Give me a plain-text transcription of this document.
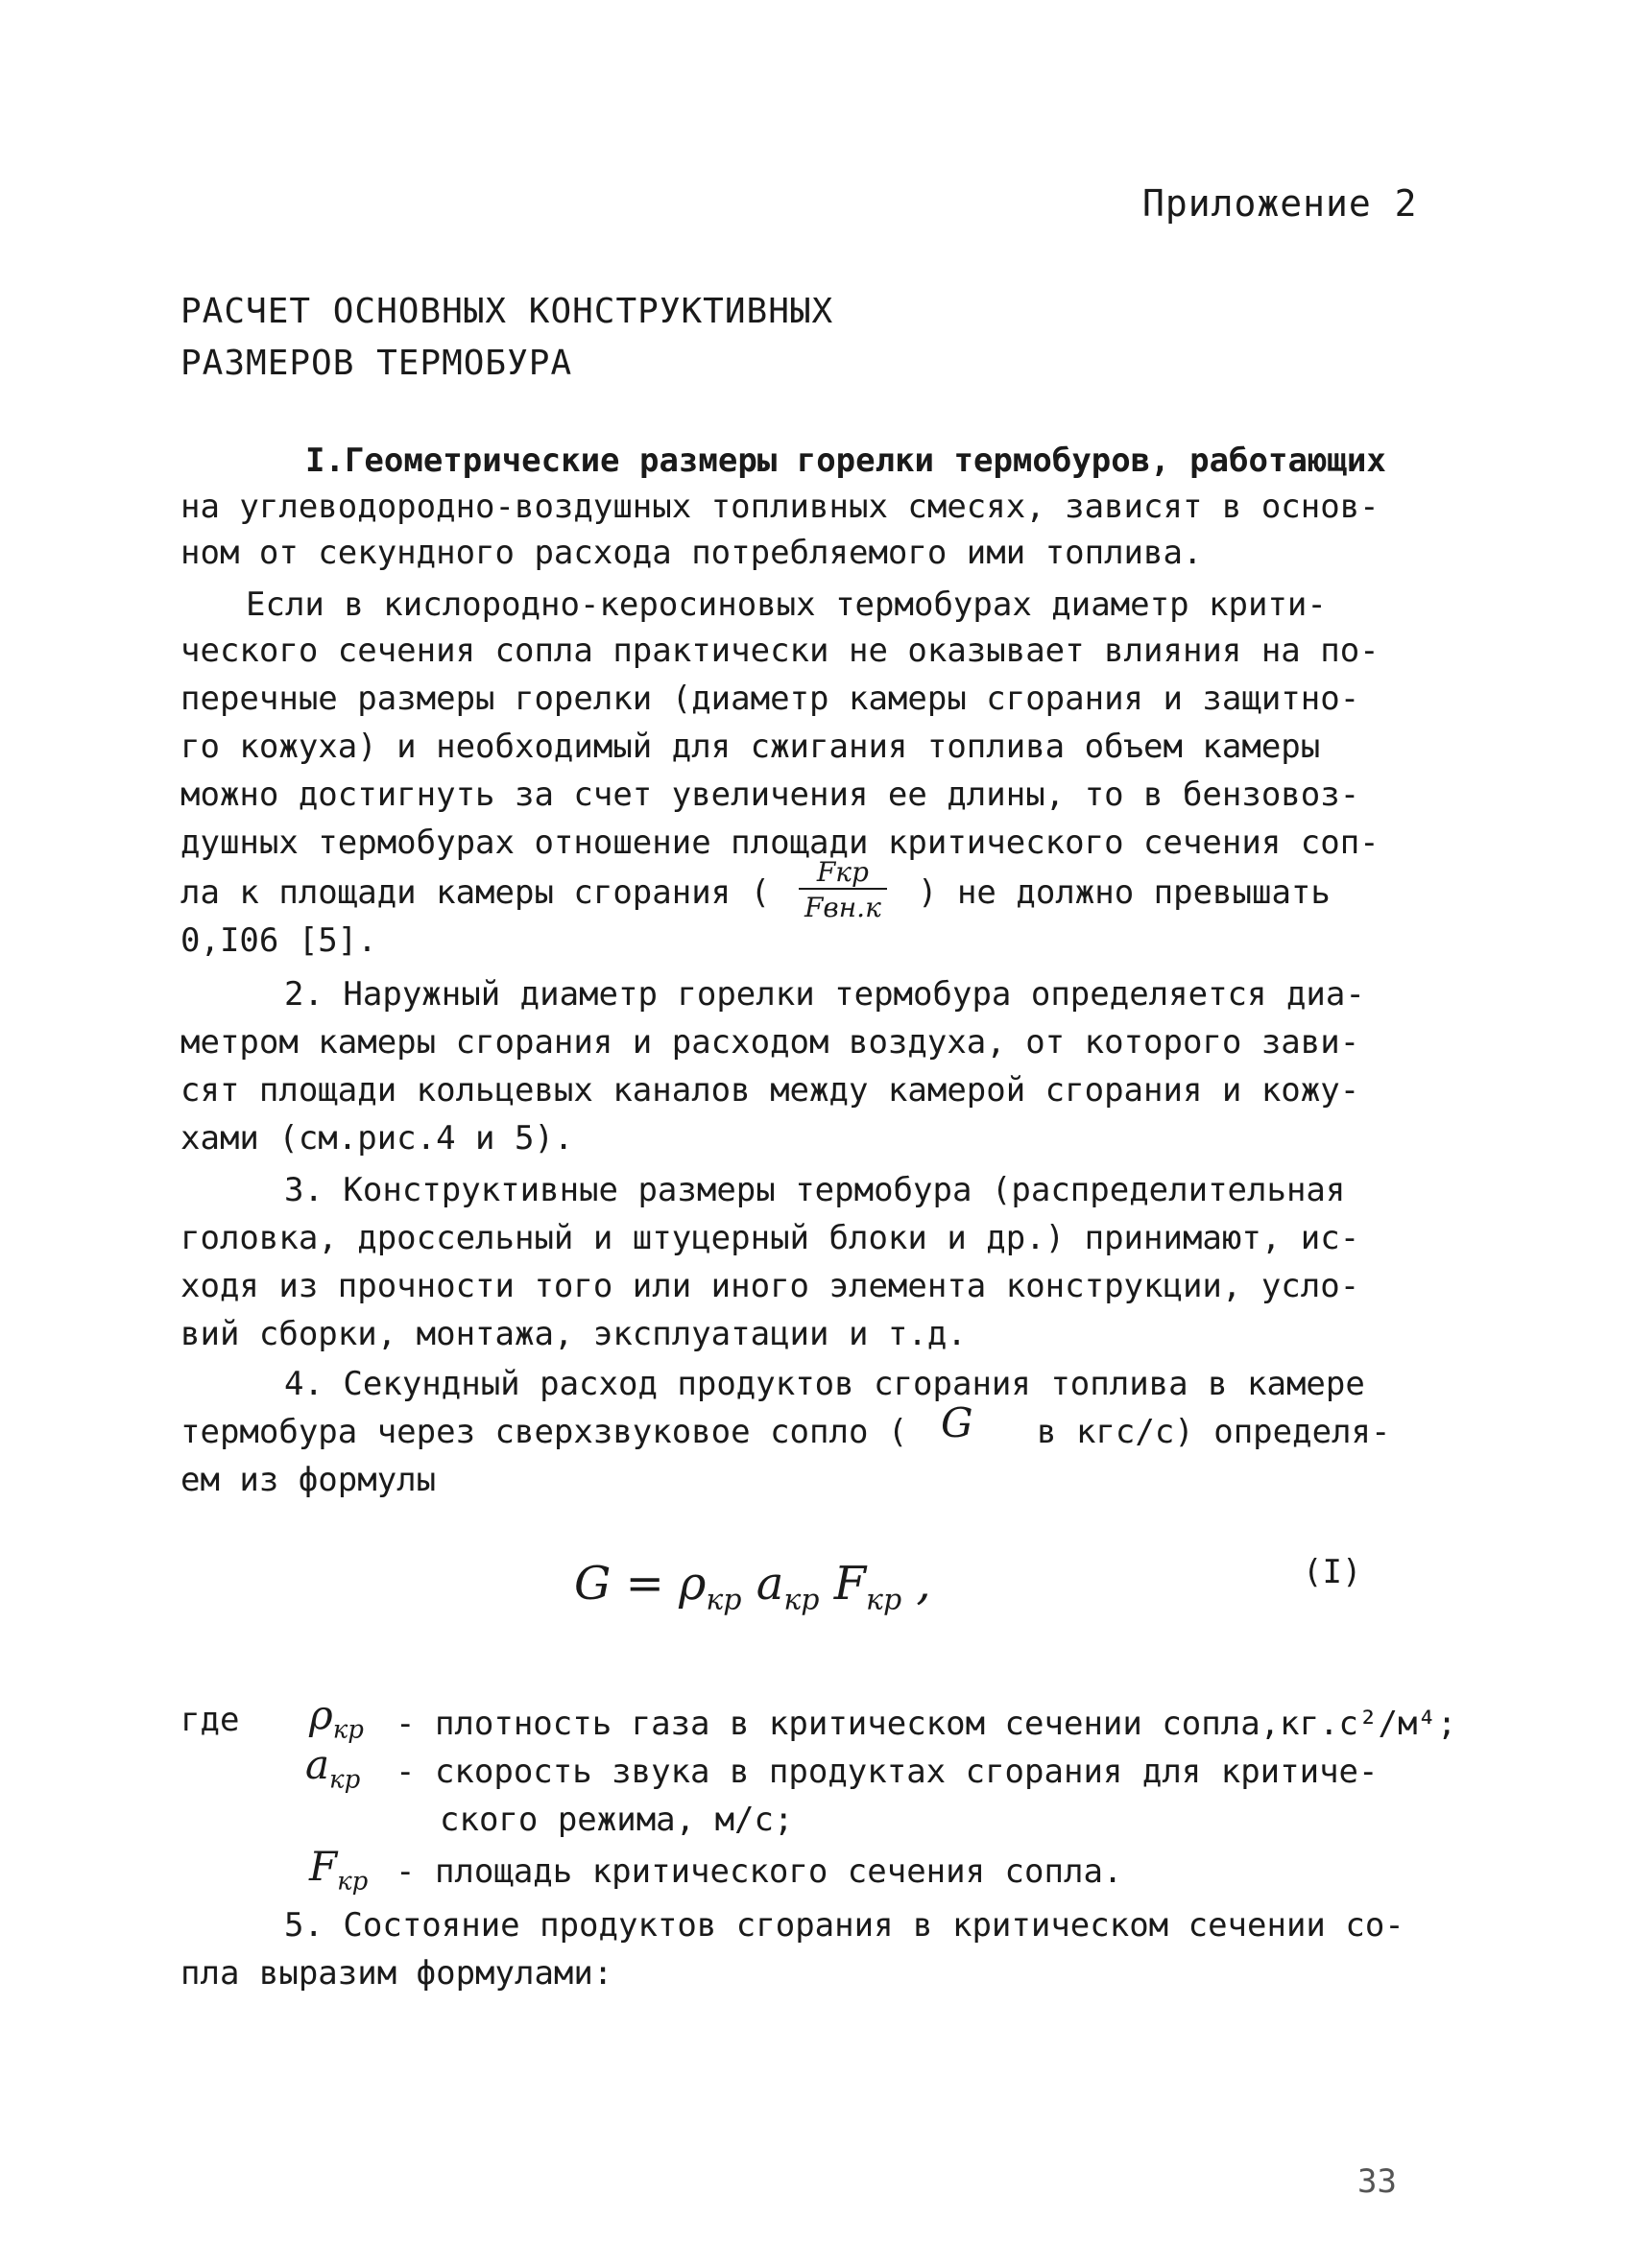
Приложение 2
РАСЧЕТ ОСНОВНЫХ КОНСТРУКТИВНЫХ
РАЗМЕРОВ ТЕРМОБУРА
I.Геометрические размеры горелки термобуров, работающих
на углеводородно-воздушных топливных смесях, зависят в основ-
ном от секундного расхода потребляемого ими топлива.
Если в кислородно-керосиновых термобурах диаметр крити-
ческого сечения сопла практически не оказывает влияния на по-
перечные размеры горелки (диаметр камеры сгорания и защитно-
го кожуха) и необходимый для сжигания топлива объем камеры
можно достигнуть за счет увеличения ее длины, то в бензовоз-
душных термобурах отношение площади критического сечения соп-
ла к площади камеры сгорания (
Fкр
Fвн.к ) не должно превышать
0,I06 [5].
2. Наружный диаметр горелки термобура определяется диа-
метром камеры сгорания и расходом воздуха, от которого зави-
сят площади кольцевых каналов между камерой сгорания и кожу-
хами (см.рис.4 и 5).
3. Конструктивные размеры термобура (распределительная
головка, дроссельный и штуцерный блоки и др.) принимают, ис-
ходя из прочности того или иного элемента конструкции, усло-
вий сборки, монтажа, эксплуатации и т.д.
4. Секундный расход продуктов сгорания топлива в камере
термобура через сверхзвуковое сопло ( G в кгс/с) определя-
ем из формулы
$G = \rho_{кр}$ $a_{кр}$ $F_{кр}$ ,	(I)
где $\rho_{кр}$ - плотность газа в критическом сечении сопла,кг.с²/м⁴;
$a_{кр}$ - скорость звука в продуктах сгорания для критиче-
ского режима, м/с;
$F_{кр}$ - площадь критического сечения сопла.
5. Состояние продуктов сгорания в критическом сечении со-
пла выразим формулами:
33
